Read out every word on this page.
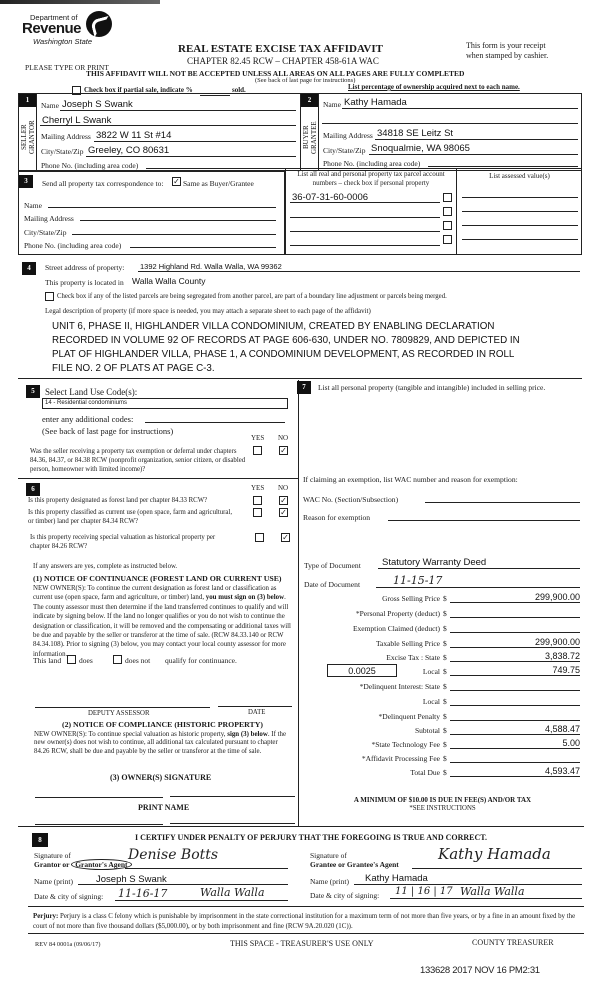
Department of
Revenue
Washington State
REAL ESTATE EXCISE TAX AFFIDAVIT
CHAPTER 82.45 RCW – CHAPTER 458-61A WAC
This form is your receipt
when stamped by cashier.
PLEASE TYPE OR PRINT
THIS AFFIDAVIT WILL NOT BE ACCEPTED UNLESS ALL AREAS ON ALL PAGES ARE FULLY COMPLETED
(See back of last page for instructions)
Check box if partial sale, indicate %	sold.	List percentage of ownership acquired next to each name.
1
SELLER GRANTOR
Name Joseph S Swank
Cherryl L Swank
Mailing Address 3822 W 11 St #14
City/State/Zip Greeley, CO 80631
Phone No. (including area code)
2
BUYER GRANTEE
Name Kathy Hamada
Mailing Address 34818 SE Leitz St
City/State/Zip Snoqualmie, WA 98065
Phone No. (including area code)
3	Send all property tax correspondence to: ✓ Same as Buyer/Grantee
Name
Mailing Address
City/State/Zip
Phone No. (including area code)
List all real and personal property tax parcel account
numbers – check box if personal property
List assessed value(s)
36-07-31-60-0006
4	Street address of property: 1392 Highland Rd. Walla Walla, WA 99362
This property is located in Walla Walla County
Check box if any of the listed parcels are being segregated from another parcel, are part of a boundary line adjustment or parcels being merged.
Legal description of property (if more space is needed, you may attach a separate sheet to each page of the affidavit)
UNIT 6, PHASE II, HIGHLANDER VILLA CONDOMINIUM, CREATED BY ENABLING DECLARATION
RECORDED IN VOLUME 92 OF RECORDS AT PAGE 606-630, UNDER NO. 7809829, AND DEPICTED IN
PLAT OF HIGHLANDER VILLA, PHASE 1, A CONDOMINIUM DEVELOPMENT, AS RECORDED IN ROLL
FILE NO. 2 OF PLATS AT PAGE C-3.
5	Select Land Use Code(s):
14 - Residential condominiums
enter any additional codes:
(See back of last page for instructions)
YES NO
Was the seller receiving a property tax exemption or deferral under chapters 84.36, 84.37, or 84.38 RCW (nonprofit organization, senior citizen, or disabled person, homeowner with limited income)?
✓
6	YES NO
Is this property designated as forest land per chapter 84.33 RCW?	✓
Is this property classified as current use (open space, farm and agricultural, or timber) land per chapter 84.34 RCW?
✓
Is this property receiving special valuation as historical property per chapter 84.26 RCW?
✓
If any answers are yes, complete as instructed below.
(1) NOTICE OF CONTINUANCE (FOREST LAND OR CURRENT USE)
NEW OWNER(S): To continue the current designation as forest land or classification as current use (open space, farm and agriculture, or timber) land, you must sign on (3) below. The county assessor must then determine if the land transferred continues to qualify and will indicate by signing below. If the land no longer qualifies or you do not wish to continue the designation or classification, it will be removed and the compensating or additional taxes will be due and payable by the seller or transferor at the time of sale. (RCW 84.33.140 or RCW 84.34.108). Prior to signing (3) below, you may contact your local county assessor for more information.
This land does	does not qualify for continuance.
DEPUTY ASSESSOR	DATE
(2) NOTICE OF COMPLIANCE (HISTORIC PROPERTY)
NEW OWNER(S): To continue special valuation as historic property, sign (3) below. If the new owner(s) does not wish to continue, all additional tax calculated pursuant to chapter 84.26 RCW, shall be due and payable by the seller or transferor at the time of sale.
(3) OWNER(S) SIGNATURE
PRINT NAME
7	List all personal property (tangible and intangible) included in selling price.
If claiming an exemption, list WAC number and reason for exemption:
WAC No. (Section/Subsection)
Reason for exemption
Type of Document Statutory Warranty Deed
Date of Document	11-15-17
Gross Selling Price $	299,900.00
*Personal Property (deduct) $
Exemption Claimed (deduct) $
Taxable Selling Price $	299,900.00
Excise Tax : State $	3,838.72
0.0025	Local $	749.75
*Delinquent Interest: State $
Local $
*Delinquent Penalty $
Subtotal $	4,588.47
*State Technology Fee $	5.00
*Affidavit Processing Fee $
Total Due $	4,593.47
A MINIMUM OF $10.00 IS DUE IN FEE(S) AND/OR TAX
*SEE INSTRUCTIONS
8	I CERTIFY UNDER PENALTY OF PERJURY THAT THE FOREGOING IS TRUE AND CORRECT.
Signature of
Grantor or Grantor's Agent
Denise Botts
Name (print) Joseph S Swank
Date & city of signing: 11-16-17	Walla Walla
Signature of
Grantee or Grantee's Agent
Kathy Hamada
Name (print) Kathy Hamada
Date & city of signing: 11 | 16 | 17 Walla Walla
Perjury: Perjury is a class C felony which is punishable by imprisonment in the state correctional institution for a maximum term of not more than five years, or by a fine in an amount fixed by the court of not more than five thousand dollars ($5,000.00), or by both imprisonment and fine (RCW 9A.20.020 (1C)).
REV 84 0001a (09/06/17)	THIS SPACE - TREASURER'S USE ONLY	COUNTY TREASURER
133628 2017 NOV 16 PM2:31
